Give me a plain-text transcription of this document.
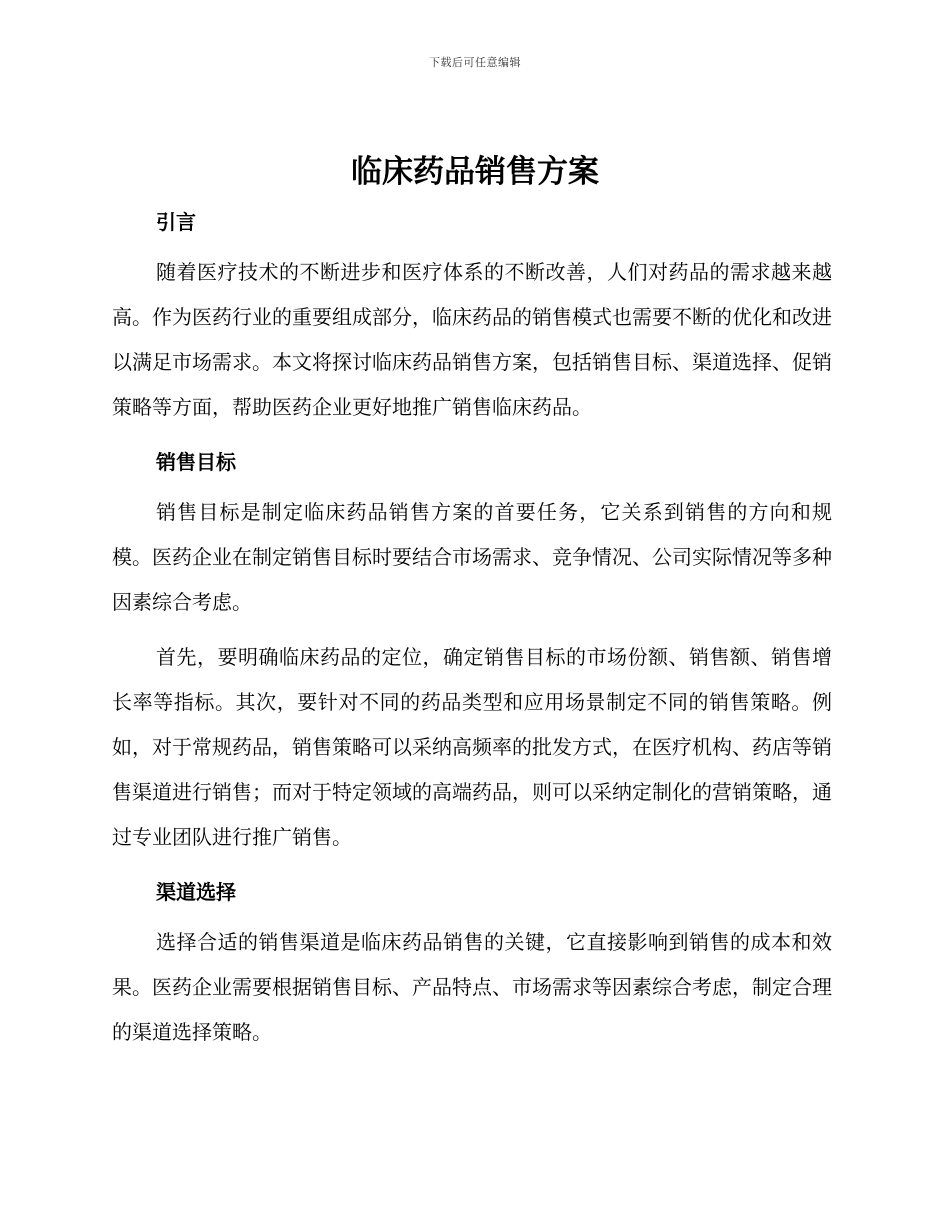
下载后可任意编辑
临床药品销售方案
引言

随着医疗技术的不断进步和医疗体系的不断改善，人们对药品的需求越来越高。作为医药行业的重要组成部分，临床药品的销售模式也需要不断的优化和改进以满足市场需求。本文将探讨临床药品销售方案，包括销售目标、渠道选择、促销策略等方面，帮助医药企业更好地推广销售临床药品。

销售目标

销售目标是制定临床药品销售方案的首要任务，它关系到销售的方向和规模。医药企业在制定销售目标时要结合市场需求、竞争情况、公司实际情况等多种因素综合考虑。

首先，要明确临床药品的定位，确定销售目标的市场份额、销售额、销售增长率等指标。其次，要针对不同的药品类型和应用场景制定不同的销售策略。例如，对于常规药品，销售策略可以采纳高频率的批发方式，在医疗机构、药店等销售渠道进行销售；而对于特定领域的高端药品，则可以采纳定制化的营销策略，通过专业团队进行推广销售。

渠道选择

选择合适的销售渠道是临床药品销售的关键，它直接影响到销售的成本和效果。医药企业需要根据销售目标、产品特点、市场需求等因素综合考虑，制定合理的渠道选择策略。
